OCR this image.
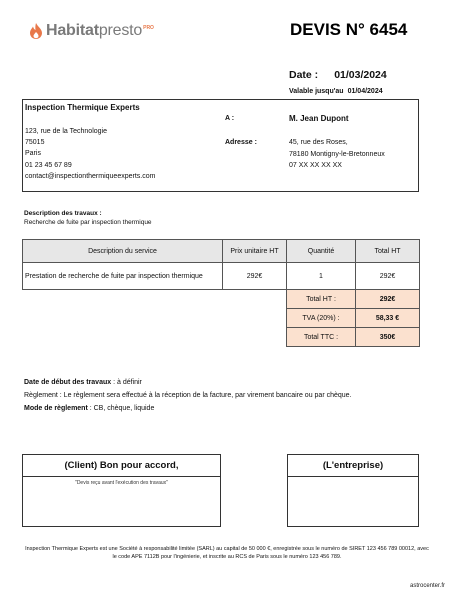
Habitatpresto PRO	DEVIS N° 6454
Date : 01/03/2024
Valable jusqu'au 01/04/2024
Inspection Thermique Experts
123, rue de la Technologie
75015
Paris
01 23 45 67 89
contact@inspectionthermiqueexperts.com
A :	M. Jean Dupont
Adresse :	45, rue des Roses,
78180 Montigny-le-Bretonneux
07 XX XX XX XX
Description des travaux :
Recherche de fuite par inspection thermique
Description du service	Prix unitaire HT	Quantité	Total HT
Prestation de recherche de fuite par inspection thermique	292€	1	292€
Total HT :	292€
TVA (20%) :	58,33 €
Total TTC :	350€
Date de début des travaux : à définir
Règlement : Le règlement sera effectué à la réception de la facture, par virement bancaire ou par chèque.
Mode de règlement : CB, chèque, liquide
(Client) Bon pour accord,
"Devis reçu avant l'exécution des travaux"
(L'entreprise)
Inspection Thermique Experts est une Société à responsabilité limitée (SARL) au capital de 50 000 €, enregistrée sous le numéro de SIRET 123 456 789 00012, avec le code APE 7112B pour l'ingénierie, et inscrite au RCS de Paris sous le numéro 123 456 789.
astrocenter.fr
